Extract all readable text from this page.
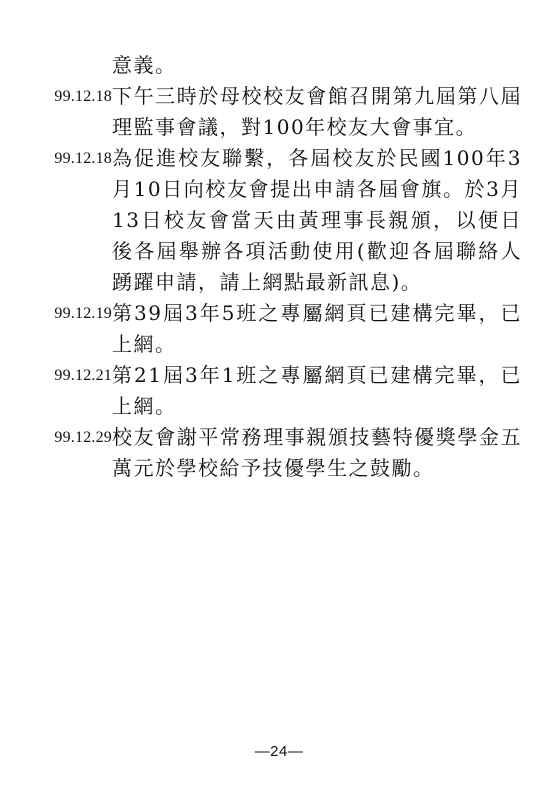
意義。
99.12.18 下午三時於母校校友會館召開第九屆第八屆理監事會議，對100年校友大會事宜。
99.12.18 為促進校友聯繫，各屆校友於民國100年3月10日向校友會提出申請各屆會旗。於3月13日校友會當天由黃理事長親頒，以便日後各屆舉辦各項活動使用(歡迎各屆聯絡人踴躍申請，請上網點最新訊息)。
99.12.19 第39屆3年5班之專屬網頁已建構完畢，已上網。
99.12.21 第21屆3年1班之專屬網頁已建構完畢，已上網。
99.12.29 校友會謝平常務理事親頒技藝特優獎學金五萬元於學校給予技優學生之鼓勵。
—24—
